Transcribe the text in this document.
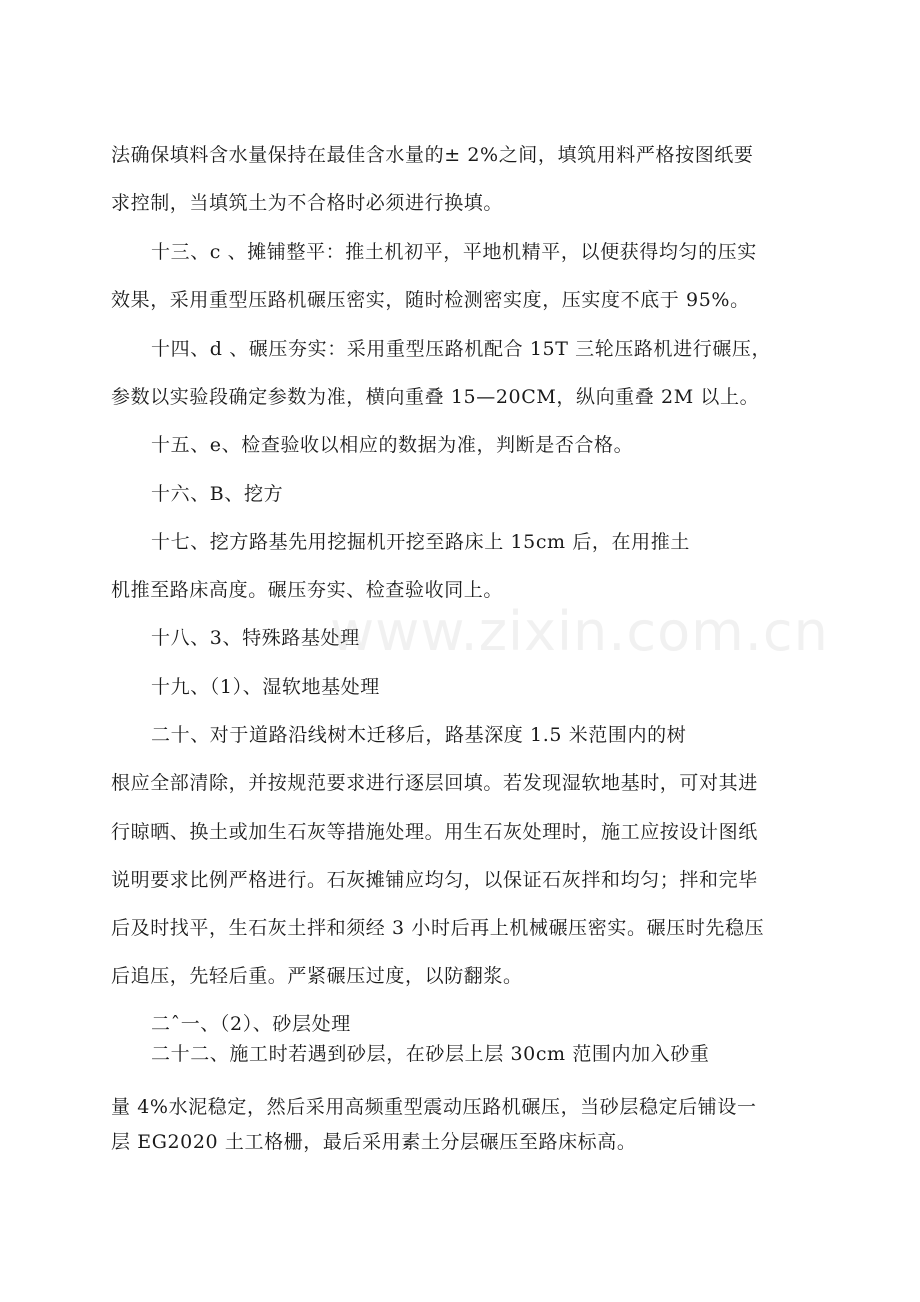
法确保填料含水量保持在最佳含水量的± 2%之间，填筑用料严格按图纸要
求控制，当填筑土为不合格时必须进行换填。
十三、c 、摊铺整平：推土机初平，平地机精平，以便获得均匀的压实
效果，采用重型压路机碾压密实，随时检测密实度，压实度不底于 95%。
十四、d 、碾压夯实：采用重型压路机配合 15T 三轮压路机进行碾压，
参数以实验段确定参数为准，横向重叠 15—20CM，纵向重叠 2M 以上。
十五、e、检查验收以相应的数据为准，判断是否合格。
十六、B、挖方
十七、挖方路基先用挖掘机开挖至路床上 15cm 后，在用推土
机推至路床高度。碾压夯实、检查验收同上。
十八、3、特殊路基处理
十九、（1）、湿软地基处理
二十、对于道路沿线树木迁移后，路基深度 1.5 米范围内的树
根应全部清除，并按规范要求进行逐层回填。若发现湿软地基时，可对其进
行晾晒、换土或加生石灰等措施处理。用生石灰处理时，施工应按设计图纸
说明要求比例严格进行。石灰摊铺应均匀，以保证石灰拌和均匀；拌和完毕
后及时找平，生石灰土拌和须经 3 小时后再上机械碾压密实。碾压时先稳压
后追压，先轻后重。严紧碾压过度，以防翻浆。
二ˆ一、（2）、砂层处理
二十二、施工时若遇到砂层，在砂层上层 30cm 范围内加入砂重
量 4%水泥稳定，然后采用高频重型震动压路机碾压，当砂层稳定后铺设一
层 EG2020 土工格栅，最后采用素土分层碾压至路床标高。
www.zixin.com.cn
